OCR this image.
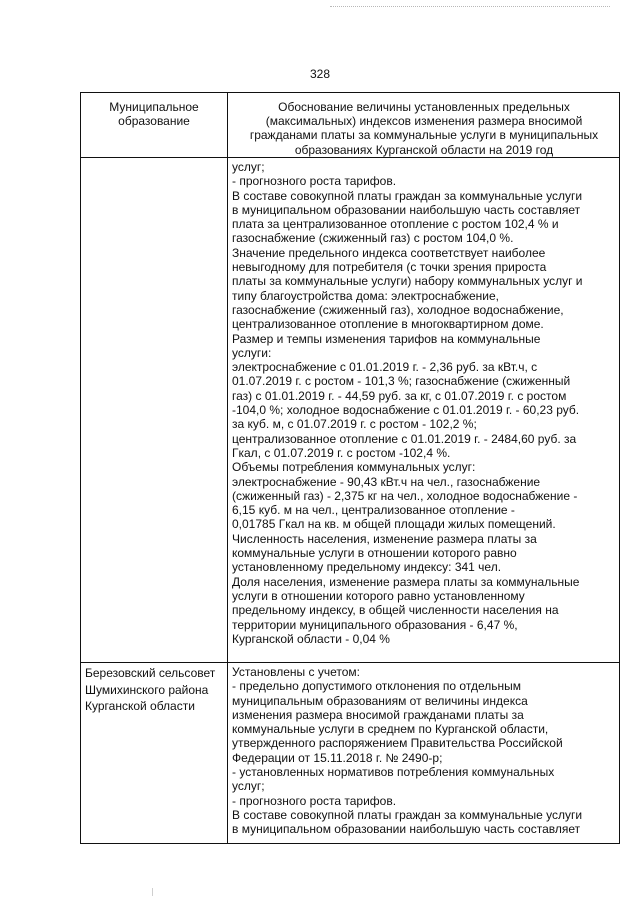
328
Муниципальное
образование
Обоснование величины установленных предельных
(максимальных) индексов изменения размера вносимой
гражданами платы за коммунальные услуги в муниципальных
образованиях Курганской области на 2019 год
услуг;
- прогнозного роста тарифов.
В составе совокупной платы граждан за коммунальные услуги
в муниципальном образовании наибольшую часть составляет
плата за централизованное отопление с ростом 102,4 % и
газоснабжение (сжиженный газ) с ростом 104,0 %.
Значение предельного индекса соответствует наиболее
невыгодному для потребителя (с точки зрения прироста
платы за коммунальные услуги) набору коммунальных услуг и
типу благоустройства дома: электроснабжение,
газоснабжение (сжиженный газ), холодное водоснабжение,
централизованное отопление в многоквартирном доме.
Размер и темпы изменения тарифов на коммунальные
услуги:
электроснабжение с 01.01.2019 г. - 2,36 руб. за кВт.ч, с
01.07.2019 г. с ростом - 101,3 %; газоснабжение (сжиженный
газ) с 01.01.2019 г. - 44,59 руб. за кг, с 01.07.2019 г. с ростом
-104,0 %; холодное водоснабжение с 01.01.2019 г. - 60,23 руб.
за куб. м, с 01.07.2019 г. с ростом - 102,2 %;
централизованное отопление с 01.01.2019 г. - 2484,60 руб. за
Гкал, с 01.07.2019 г. с ростом -102,4 %.
Объемы потребления коммунальных услуг:
электроснабжение - 90,43 кВт.ч на чел., газоснабжение
(сжиженный газ) - 2,375 кг на чел., холодное водоснабжение -
6,15 куб. м на чел., централизованное отопление -
0,01785 Гкал на кв. м общей площади жилых помещений.
Численность населения, изменение размера платы за
коммунальные услуги в отношении которого равно
установленному предельному индексу: 341 чел.
Доля населения, изменение размера платы за коммунальные
услуги в отношении которого равно установленному
предельному индексу, в общей численности населения на
территории муниципального образования - 6,47 %,
Курганской области - 0,04 %
Березовский сельсовет
Шумихинского района
Курганской области
Установлены с учетом:
- предельно допустимого отклонения по отдельным
муниципальным образованиям от величины индекса
изменения размера вносимой гражданами платы за
коммунальные услуги в среднем по Курганской области,
утвержденного распоряжением Правительства Российской
Федерации от 15.11.2018 г. № 2490-р;
- установленных нормативов потребления коммунальных
услуг;
- прогнозного роста тарифов.
В составе совокупной платы граждан за коммунальные услуги
в муниципальном образовании наибольшую часть составляет
